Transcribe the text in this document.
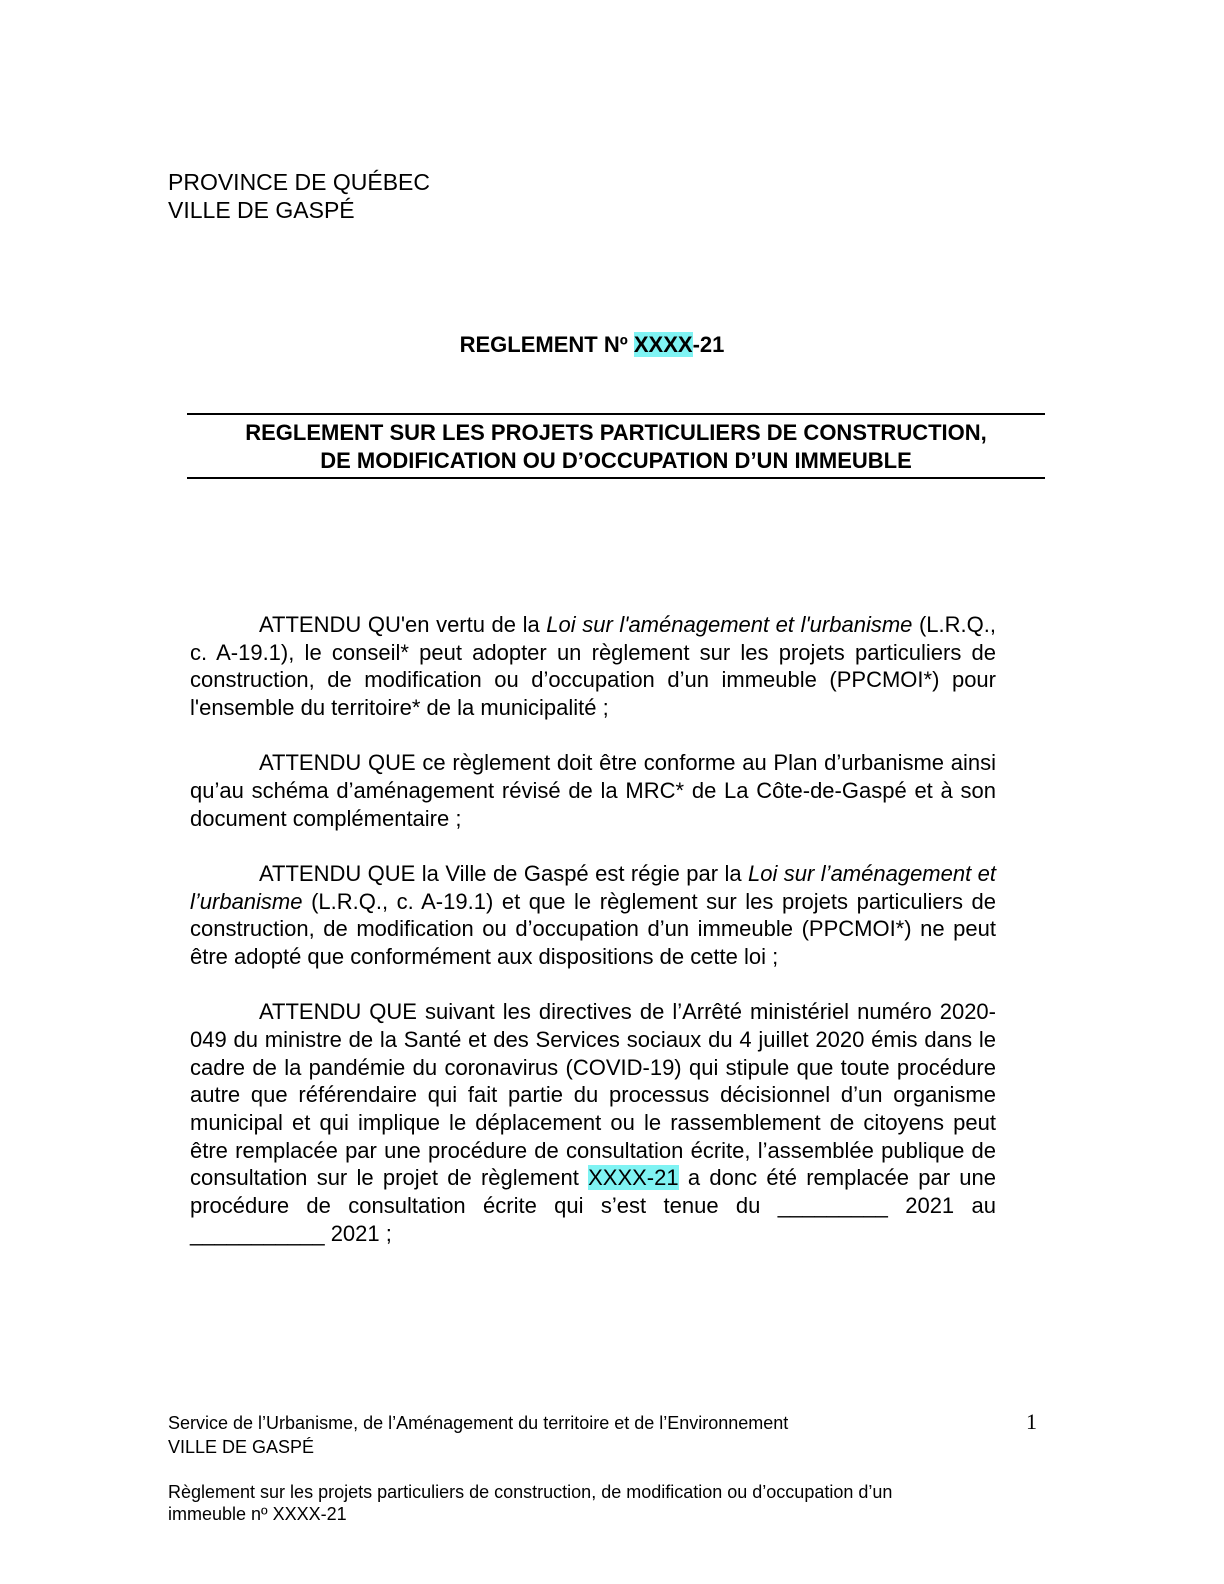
PROVINCE DE QUÉBEC
VILLE DE GASPÉ
REGLEMENT Nº XXXX-21
REGLEMENT SUR LES PROJETS PARTICULIERS DE CONSTRUCTION,
DE MODIFICATION OU D’OCCUPATION D’UN IMMEUBLE

ATTENDU QU'en vertu de la Loi sur l'aménagement et l'urbanisme (L.R.Q., c. A-19.1), le conseil* peut adopter un règlement sur les projets particuliers de construction, de modification ou d’occupation d’un immeuble (PPCMOI*) pour l'ensemble du territoire* de la municipalité ;

ATTENDU QUE ce règlement doit être conforme au Plan d’urbanisme ainsi qu’au schéma d’aménagement révisé de la MRC* de La Côte-de-Gaspé et à son document complémentaire ;

ATTENDU QUE la Ville de Gaspé est régie par la Loi sur l’aménagement et l’urbanisme (L.R.Q., c. A-19.1) et que le règlement sur les projets particuliers de construction, de modification ou d’occupation d’un immeuble (PPCMOI*) ne peut être adopté que conformément aux dispositions de cette loi ;

ATTENDU QUE suivant les directives de l’Arrêté ministériel numéro 2020-049 du ministre de la Santé et des Services sociaux du 4 juillet 2020 émis dans le cadre de la pandémie du coronavirus (COVID-19) qui stipule que toute procédure autre que référendaire qui fait partie du processus décisionnel d’un organisme municipal et qui implique le déplacement ou le rassemblement de citoyens peut être remplacée par une procédure de consultation écrite, l’assemblée publique de consultation sur le projet de règlement XXXX-21 a donc été remplacée par une procédure de consultation écrite qui s’est tenue du _________ 2021 au ___________ 2021 ;

Service de l’Urbanisme, de l’Aménagement du territoire et de l’Environnement
VILLE DE GASPÉ
1
Règlement sur les projets particuliers de construction, de modification ou d’occupation d’un
immeuble nº XXXX-21
